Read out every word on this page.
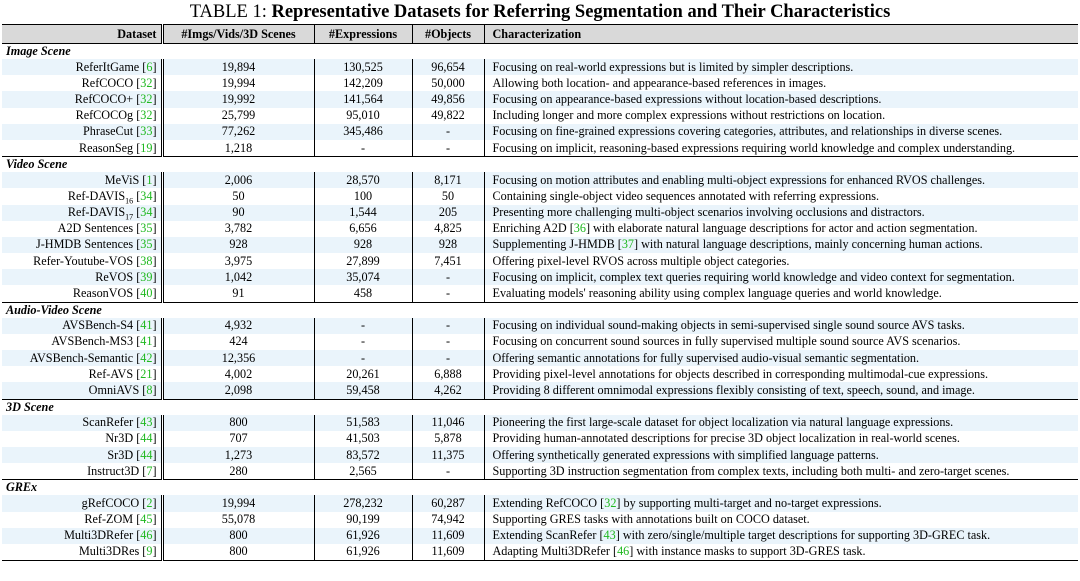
TABLE 1: Representative Datasets for Referring Segmentation and Their Characteristics
Dataset	#Imgs/Vids/3D Scenes	#Expressions	#Objects	Characterization
Image Scene				
ReferItGame [6]	19,894	130,525	96,654	Focusing on real-world expressions but is limited by simpler descriptions.
RefCOCO [32]	19,994	142,209	50,000	Allowing both location- and appearance-based references in images.
RefCOCO+ [32]	19,992	141,564	49,856	Focusing on appearance-based expressions without location-based descriptions.
RefCOCOg [32]	25,799	95,010	49,822	Including longer and more complex expressions without restrictions on location.
PhraseCut [33]	77,262	345,486	-	Focusing on fine-grained expressions covering categories, attributes, and relationships in diverse scenes.
ReasonSeg [19]	1,218	-	-	Focusing on implicit, reasoning-based expressions requiring world knowledge and complex understanding.
Video Scene				
MeViS [1]	2,006	28,570	8,171	Focusing on motion attributes and enabling multi-object expressions for enhanced RVOS challenges.
Ref-$DAVIS_{16}$ [34]	50	100	50	Containing single-object video sequences annotated with referring expressions.
Ref-$DAVIS_{17}$ [34]	90	1,544	205	Presenting more challenging multi-object scenarios involving occlusions and distractors.
A2D Sentences [35]	3,782	6,656	4,825	Enriching A2D [36] with elaborate natural language descriptions for actor and action segmentation.
J-HMDB Sentences [35]	928	928	928	Supplementing J-HMDB [37] with natural language descriptions, mainly concerning human actions.
Refer-Youtube-VOS [38]	3,975	27,899	7,451	Offering pixel-level RVOS across multiple object categories.
ReVOS [39]	1,042	35,074	-	Focusing on implicit, complex text queries requiring world knowledge and video context for segmentation.
ReasonVOS [40]	91	458	-	Evaluating models' reasoning ability using complex language queries and world knowledge.
Audio-Video Scene				
AVSBench-S4 [41]	4,932	-	-	Focusing on individual sound-making objects in semi-supervised single sound source AVS tasks.
AVSBench-MS3 [41]	424	-	-	Focusing on concurrent sound sources in fully supervised multiple sound source AVS scenarios.
AVSBench-Semantic [42]	12,356	-	-	Offering semantic annotations for fully supervised audio-visual semantic segmentation.
Ref-AVS [21]	4,002	20,261	6,888	Providing pixel-level annotations for objects described in corresponding multimodal-cue expressions.
OmniAVS [8]	2,098	59,458	4,262	Providing 8 different omnimodal expressions flexibly consisting of text, speech, sound, and image.
3D Scene				
ScanRefer [43]	800	51,583	11,046	Pioneering the first large-scale dataset for object localization via natural language expressions.
Nr3D [44]	707	41,503	5,878	Providing human-annotated descriptions for precise 3D object localization in real-world scenes.
Sr3D [44]	1,273	83,572	11,375	Offering synthetically generated expressions with simplified language patterns.
Instruct3D [7]	280	2,565	-	Supporting 3D instruction segmentation from complex texts, including both multi- and zero-target scenes.
GREx				
gRefCOCO [2]	19,994	278,232	60,287	Extending RefCOCO [32] by supporting multi-target and no-target expressions.
Ref-ZOM [45]	55,078	90,199	74,942	Supporting GRES tasks with annotations built on COCO dataset.
Multi3DRefer [46]	800	61,926	11,609	Extending ScanRefer [43] with zero/single/multiple target descriptions for supporting 3D-GREC task.
Multi3DRes [9]	800	61,926	11,609	Adapting Multi3DRefer [46] with instance masks to support 3D-GRES task.
